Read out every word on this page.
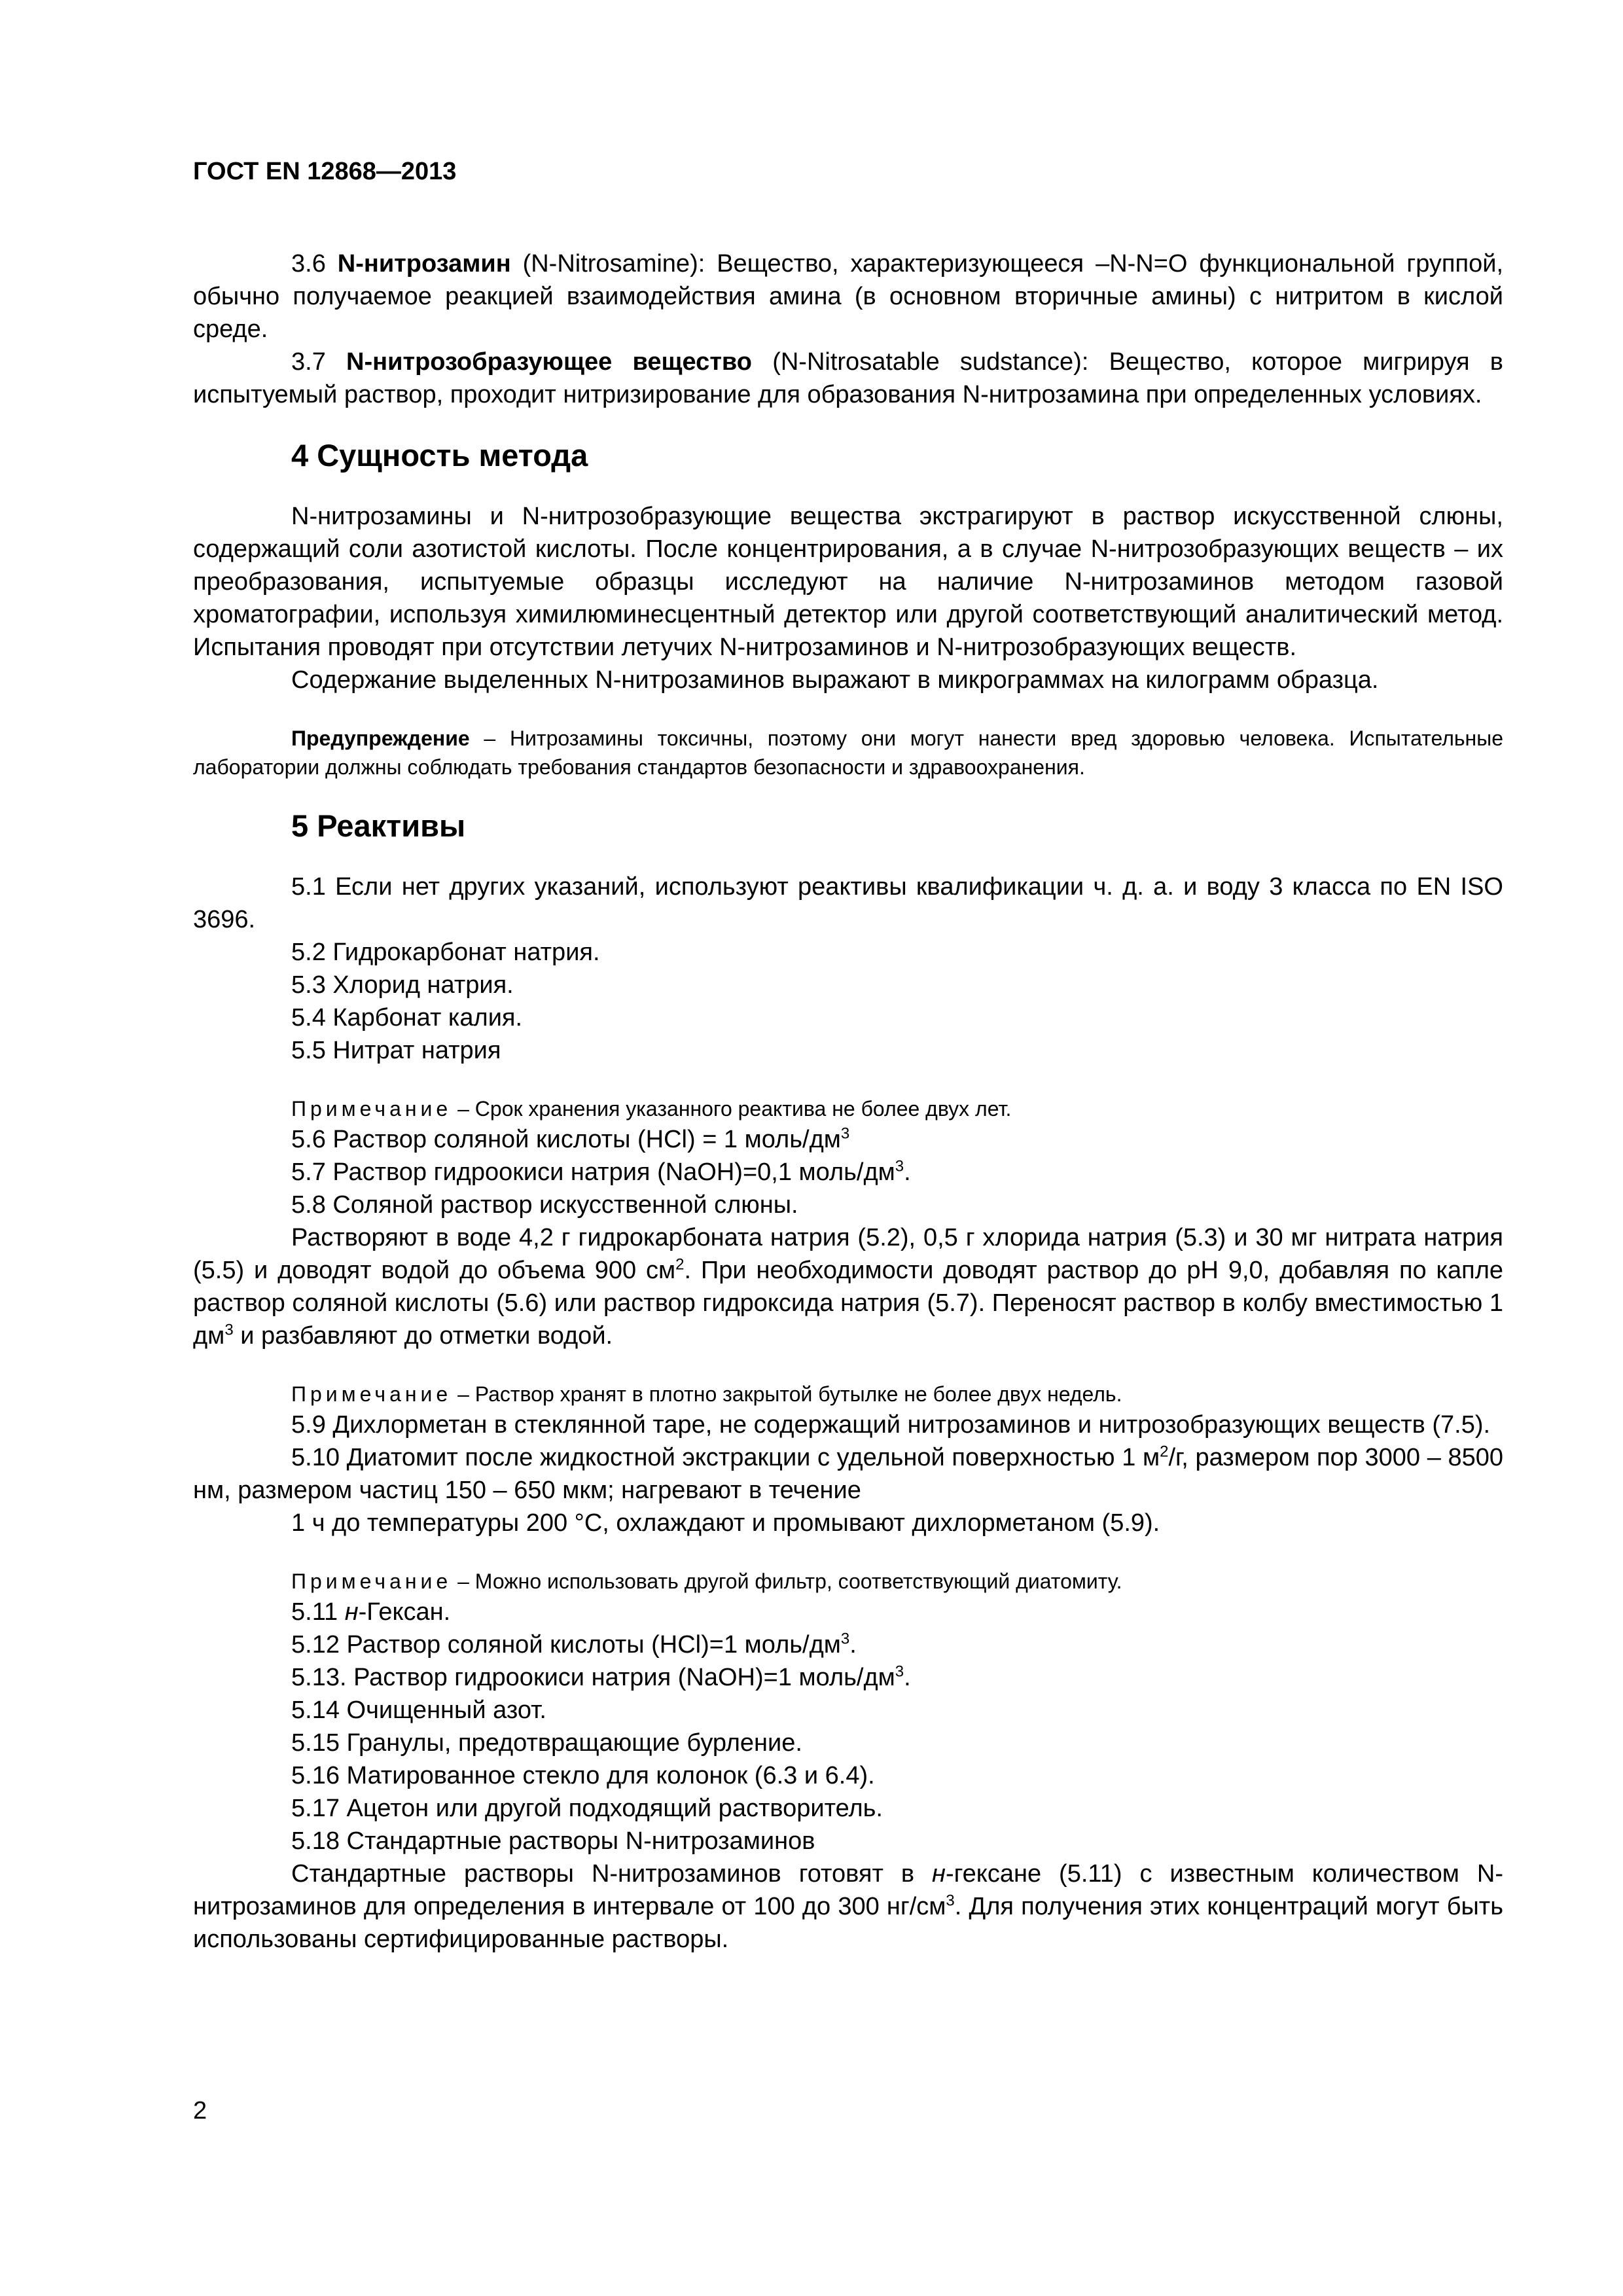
ГОСТ EN 12868—2013

3.6 N-нитрозамин (N-Nitrosamine): Вещество, характеризующееся –N-N=O функциональной группой, обычно получаемое реакцией взаимодействия амина (в основном вторичные амины) с нитритом в кислой среде.

3.7 N-нитрозобразующее вещество (N-Nitrosatable sudstance): Вещество, которое мигрируя в испытуемый раствор, проходит нитризирование для образования N-нитрозамина при определенных условиях.

4 Сущность метода

N-нитрозамины и N-нитрозобразующие вещества экстрагируют в раствор искусственной слюны, содержащий соли азотистой кислоты. После концентрирования, а в случае N-нитрозобразующих веществ – их преобразования, испытуемые образцы исследуют на наличие N-нитрозаминов методом газовой хроматографии, используя химилюминесцентный детектор или другой соответствующий аналитический метод. Испытания проводят при отсутствии летучих N-нитрозаминов и N-нитрозобразующих веществ.

Содержание выделенных N-нитрозаминов выражают в микрограммах на килограмм образца.

Предупреждение – Нитрозамины токсичны, поэтому они могут нанести вред здоровью человека. Испытательные лаборатории должны соблюдать требования стандартов безопасности и здравоохранения.

5 Реактивы

5.1 Если нет других указаний, используют реактивы квалификации ч. д. а. и воду 3 класса по EN ISO 3696.

5.2 Гидрокарбонат натрия.

5.3 Хлорид натрия.

5.4 Карбонат калия.

5.5 Нитрат натрия

Примечание – Срок хранения указанного реактива не более двух лет.

5.6 Раствор соляной кислоты (HCl) = 1 моль/$дм^3$

5.7 Раствор гидроокиси натрия (NaOH)=0,1 моль/$дм^3$.

5.8 Соляной раствор искусственной слюны.

Растворяют в воде 4,2 г гидрокарбоната натрия (5.2), 0,5 г хлорида натрия (5.3) и 30 мг нитрата натрия (5.5) и доводят водой до объема 900 $см^2$. При необходимости доводят раствор до рН 9,0, добавляя по капле раствор соляной кислоты (5.6) или раствор гидроксида натрия (5.7). Переносят раствор в колбу вместимостью 1 $дм^3$ и разбавляют до отметки водой.

Примечание – Раствор хранят в плотно закрытой бутылке не более двух недель.

5.9 Дихлорметан в стеклянной таре, не содержащий нитрозаминов и нитрозобразующих веществ (7.5).

5.10 Диатомит после жидкостной экстракции с удельной поверхностью 1 $м^2/г$, размером пор 3000 – 8500 нм, размером частиц 150 – 650 мкм; нагревают в течение

1 ч до температуры 200 °С, охлаждают и промывают дихлорметаном (5.9).

Примечание – Можно использовать другой фильтр, соответствующий диатомиту.

5.11 н-Гексан.

5.12 Раствор соляной кислоты (HCl)=1 моль/$дм^3$.

5.13. Раствор гидроокиси натрия (NaOH)=1 моль/$дм^3$.

5.14 Очищенный азот.

5.15 Гранулы, предотвращающие бурление.

5.16 Матированное стекло для колонок (6.3 и 6.4).

5.17 Ацетон или другой подходящий растворитель.

5.18 Стандартные растворы N-нитрозаминов

Стандартные растворы N-нитрозаминов готовят в н-гексане (5.11) с известным количеством N-нитрозаминов для определения в интервале от 100 до 300 $нг/см^3$. Для получения этих концентраций могут быть использованы сертифицированные растворы.

2
